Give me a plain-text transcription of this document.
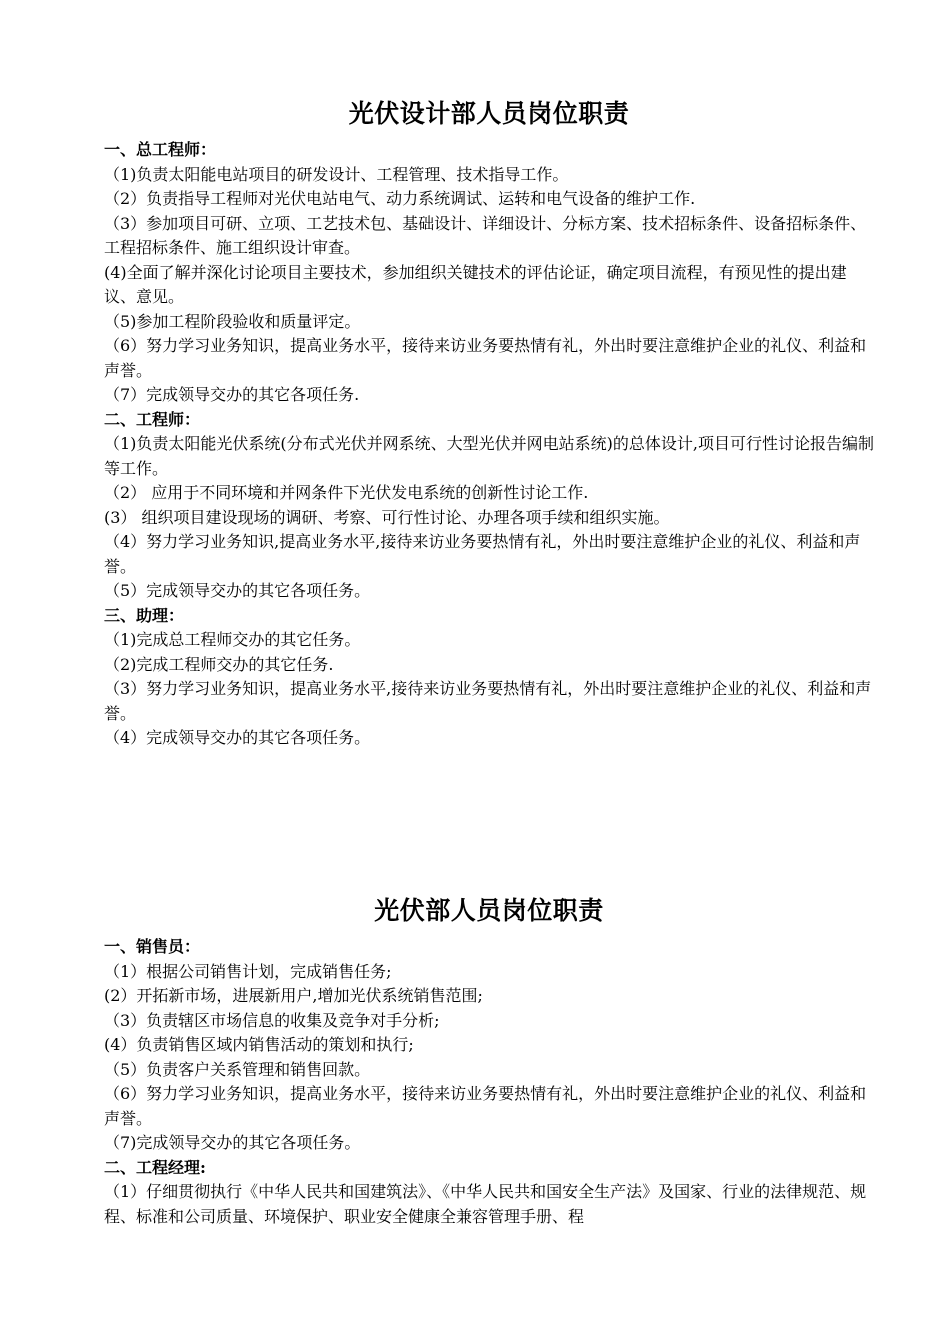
光伏设计部人员岗位职责
一、总工程师：

（1)负责太阳能电站项目的研发设计、工程管理、技术指导工作。

（2）负责指导工程师对光伏电站电气、动力系统调试、运转和电气设备的维护工作.

（3）参加项目可研、立项、工艺技术包、基础设计、详细设计、分标方案、技术招标条件、设备招标条件、工程招标条件、施工组织设计审查。

(4)全面了解并深化讨论项目主要技术，参加组织关键技术的评估论证，确定项目流程，有预见性的提出建议、意见。

（5)参加工程阶段验收和质量评定。

（6）努力学习业务知识，提高业务水平，接待来访业务要热情有礼，外出时要注意维护企业的礼仪、利益和声誉。

（7）完成领导交办的其它各项任务.

二、工程师：

（1)负责太阳能光伏系统(分布式光伏并网系统、大型光伏并网电站系统)的总体设计,项目可行性讨论报告编制等工作。

（2） 应用于不同环境和并网条件下光伏发电系统的创新性讨论工作.

(3） 组织项目建设现场的调研、考察、可行性讨论、办理各项手续和组织实施。

（4）努力学习业务知识,提高业务水平,接待来访业务要热情有礼，外出时要注意维护企业的礼仪、利益和声誉。

（5）完成领导交办的其它各项任务。

三、助理：

（1)完成总工程师交办的其它任务。

（2)完成工程师交办的其它任务.

（3）努力学习业务知识，提高业务水平,接待来访业务要热情有礼，外出时要注意维护企业的礼仪、利益和声誉。

（4）完成领导交办的其它各项任务。

光伏部人员岗位职责
一、销售员：

（1）根据公司销售计划，完成销售任务;

(2）开拓新市场，进展新用户,增加光伏系统销售范围;

（3）负责辖区市场信息的收集及竞争对手分析;

(4）负责销售区域内销售活动的策划和执行;

（5）负责客户关系管理和销售回款。

（6）努力学习业务知识，提高业务水平，接待来访业务要热情有礼，外出时要注意维护企业的礼仪、利益和声誉。

（7)完成领导交办的其它各项任务。

二、工程经理:

（1）仔细贯彻执行《中华人民共和国建筑法》、《中华人民共和国安全生产法》及国家、行业的法律规范、规程、标准和公司质量、环境保护、职业安全健康全兼容管理手册、程
